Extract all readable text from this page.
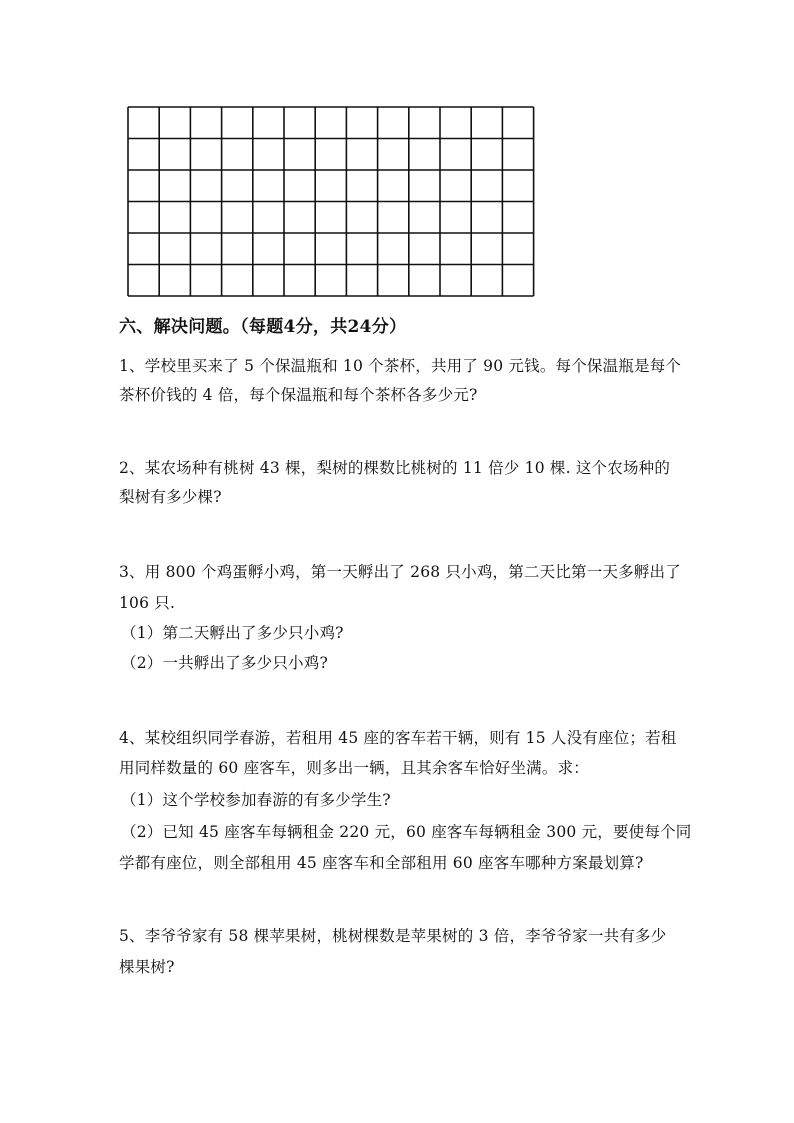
六、解决问题。（每题4分，共24分）
1、学校里买来了 5 个保温瓶和 10 个茶杯，共用了 90 元钱。每个保温瓶是每个
茶杯价钱的 4 倍，每个保温瓶和每个茶杯各多少元?
2、某农场种有桃树 43 棵，梨树的棵数比桃树的 11 倍少 10 棵. 这个农场种的
梨树有多少棵?
3、用 800 个鸡蛋孵小鸡，第一天孵出了 268 只小鸡，第二天比第一天多孵出了
106 只.
（1）第二天孵出了多少只小鸡?
（2）一共孵出了多少只小鸡?
4、某校组织同学春游，若租用 45 座的客车若干辆，则有 15 人没有座位；若租
用同样数量的 60 座客车，则多出一辆，且其余客车恰好坐满。求：
（1）这个学校参加春游的有多少学生?
（2）已知 45 座客车每辆租金 220 元，60 座客车每辆租金 300 元，要使每个同
学都有座位，则全部租用 45 座客车和全部租用 60 座客车哪种方案最划算?
5、李爷爷家有 58 棵苹果树，桃树棵数是苹果树的 3 倍，李爷爷家一共有多少
棵果树?
